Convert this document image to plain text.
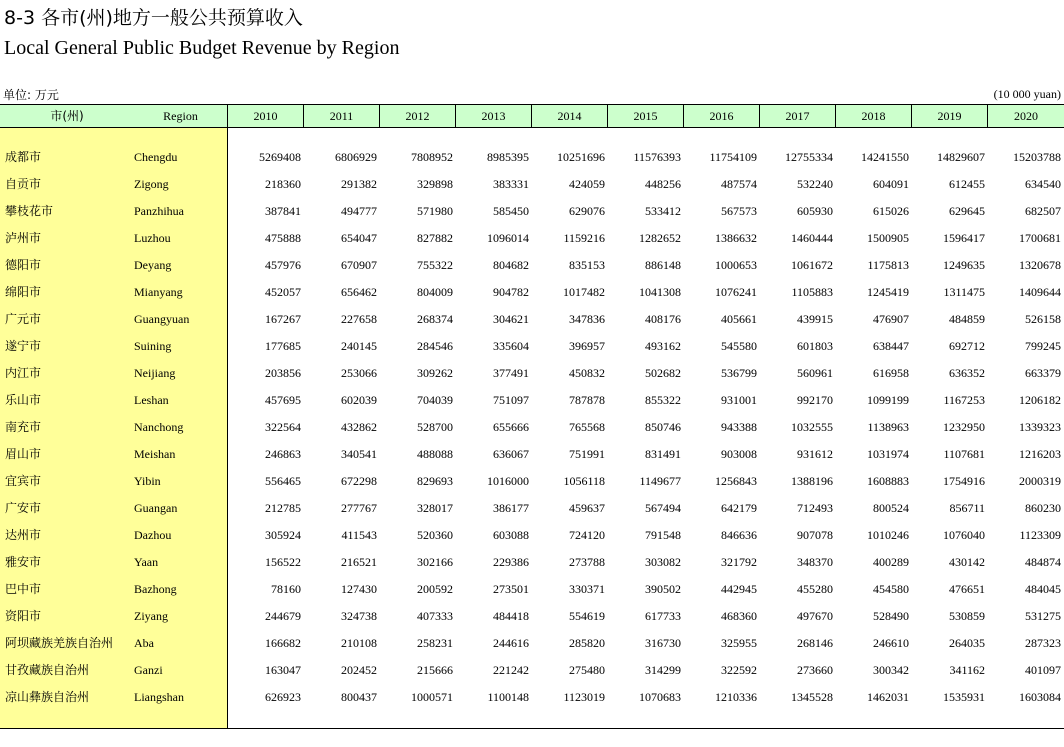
8-3 各市(州)地方一般公共预算收入
Local General Public Budget Revenue by Region
单位: 万元	(10 000 yuan)
市(州)	Region	2010	2011	2012	2013	2014	2015	2016	2017	2018	2019	2020
成都市	Chengdu	5269408	6806929	7808952	8985395	10251696	11576393	11754109	12755334	14241550	14829607	15203788
自贡市	Zigong	218360	291382	329898	383331	424059	448256	487574	532240	604091	612455	634540
攀枝花市	Panzhihua	387841	494777	571980	585450	629076	533412	567573	605930	615026	629645	682507
泸州市	Luzhou	475888	654047	827882	1096014	1159216	1282652	1386632	1460444	1500905	1596417	1700681
德阳市	Deyang	457976	670907	755322	804682	835153	886148	1000653	1061672	1175813	1249635	1320678
绵阳市	Mianyang	452057	656462	804009	904782	1017482	1041308	1076241	1105883	1245419	1311475	1409644
广元市	Guangyuan	167267	227658	268374	304621	347836	408176	405661	439915	476907	484859	526158
遂宁市	Suining	177685	240145	284546	335604	396957	493162	545580	601803	638447	692712	799245
内江市	Neijiang	203856	253066	309262	377491	450832	502682	536799	560961	616958	636352	663379
乐山市	Leshan	457695	602039	704039	751097	787878	855322	931001	992170	1099199	1167253	1206182
南充市	Nanchong	322564	432862	528700	655666	765568	850746	943388	1032555	1138963	1232950	1339323
眉山市	Meishan	246863	340541	488088	636067	751991	831491	903008	931612	1031974	1107681	1216203
宜宾市	Yibin	556465	672298	829693	1016000	1056118	1149677	1256843	1388196	1608883	1754916	2000319
广安市	Guangan	212785	277767	328017	386177	459637	567494	642179	712493	800524	856711	860230
达州市	Dazhou	305924	411543	520360	603088	724120	791548	846636	907078	1010246	1076040	1123309
雅安市	Yaan	156522	216521	302166	229386	273788	303082	321792	348370	400289	430142	484874
巴中市	Bazhong	78160	127430	200592	273501	330371	390502	442945	455280	454580	476651	484045
资阳市	Ziyang	244679	324738	407333	484418	554619	617733	468360	497670	528490	530859	531275
阿坝藏族羌族自治州 Aba	166682	210108	258231	244616	285820	316730	325955	268146	246610	264035	287323
甘孜藏族自治州	Ganzi	163047	202452	215666	221242	275480	314299	322592	273660	300342	341162	401097
凉山彝族自治州	Liangshan	626923	800437	1000571	1100148	1123019	1070683	1210336	1345528	1462031	1535931	1603084
